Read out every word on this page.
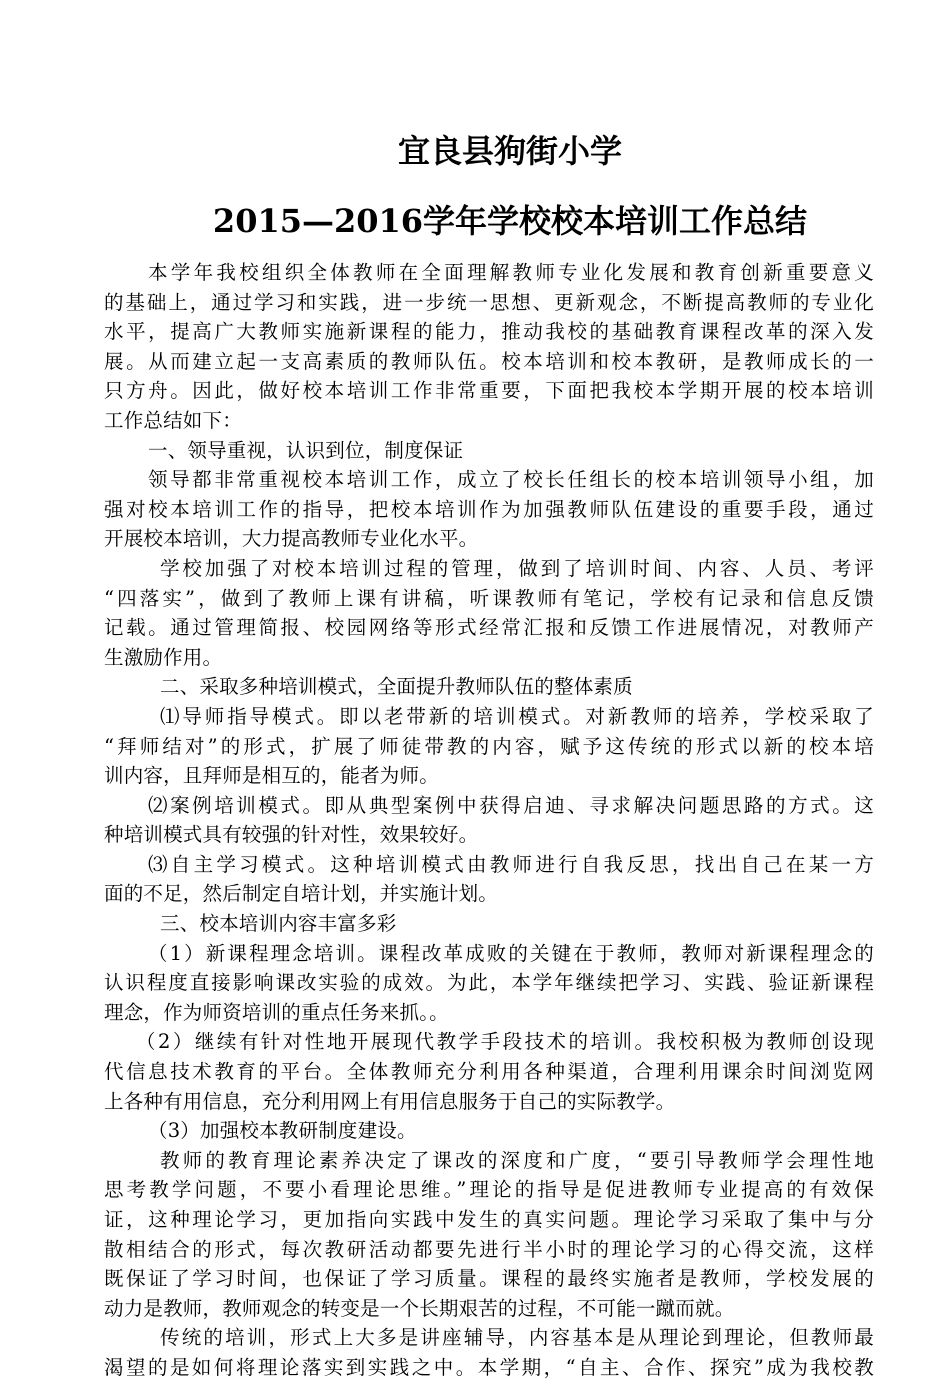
宜良县狗街小学
2015—2016学年学校校本培训工作总结
本学年我校组织全体教师在全面理解教师专业化发展和教育创新重要意义
的基础上，通过学习和实践，进一步统一思想、更新观念，不断提高教师的专业化
水平，提高广大教师实施新课程的能力，推动我校的基础教育课程改革的深入发
展。从而建立起一支高素质的教师队伍。校本培训和校本教研，是教师成长的一
只方舟。因此，做好校本培训工作非常重要，下面把我校本学期开展的校本培训
工作总结如下：
一、领导重视，认识到位，制度保证
领导都非常重视校本培训工作，成立了校长任组长的校本培训领导小组，加
强对校本培训工作的指导，把校本培训作为加强教师队伍建设的重要手段，通过
开展校本培训，大力提高教师专业化水平。
学校加强了对校本培训过程的管理，做到了培训时间、内容、人员、考评
“四落实”，做到了教师上课有讲稿，听课教师有笔记，学校有记录和信息反馈
记载。通过管理简报、校园网络等形式经常汇报和反馈工作进展情况，对教师产
生激励作用。
二、采取多种培训模式，全面提升教师队伍的整体素质
⑴导师指导模式。即以老带新的培训模式。对新教师的培养，学校采取了
“拜师结对”的形式，扩展了师徒带教的内容，赋予这传统的形式以新的校本培
训内容，且拜师是相互的，能者为师。
⑵案例培训模式。即从典型案例中获得启迪、寻求解决问题思路的方式。这
种培训模式具有较强的针对性，效果较好。
⑶自主学习模式。这种培训模式由教师进行自我反思，找出自己在某一方
面的不足，然后制定自培计划，并实施计划。
三、校本培训内容丰富多彩
（1）新课程理念培训。课程改革成败的关键在于教师，教师对新课程理念的
认识程度直接影响课改实验的成效。为此，本学年继续把学习、实践、验证新课程
理念，作为师资培训的重点任务来抓。。
（2）继续有针对性地开展现代教学手段技术的培训。我校积极为教师创设现
代信息技术教育的平台。全体教师充分利用各种渠道，合理利用课余时间浏览网
上各种有用信息，充分利用网上有用信息服务于自己的实际教学。
（3）加强校本教研制度建设。
教师的教育理论素养决定了课改的深度和广度，“要引导教师学会理性地
思考教学问题，不要小看理论思维。”理论的指导是促进教师专业提高的有效保
证，这种理论学习，更加指向实践中发生的真实问题。理论学习采取了集中与分
散相结合的形式，每次教研活动都要先进行半小时的理论学习的心得交流，这样
既保证了学习时间，也保证了学习质量。课程的最终实施者是教师，学校发展的
动力是教师，教师观念的转变是一个长期艰苦的过程，不可能一蹴而就。
传统的培训，形式上大多是讲座辅导，内容基本是从理论到理论，但教师最
渴望的是如何将理论落实到实践之中。本学期，“自主、合作、探究”成为我校教
